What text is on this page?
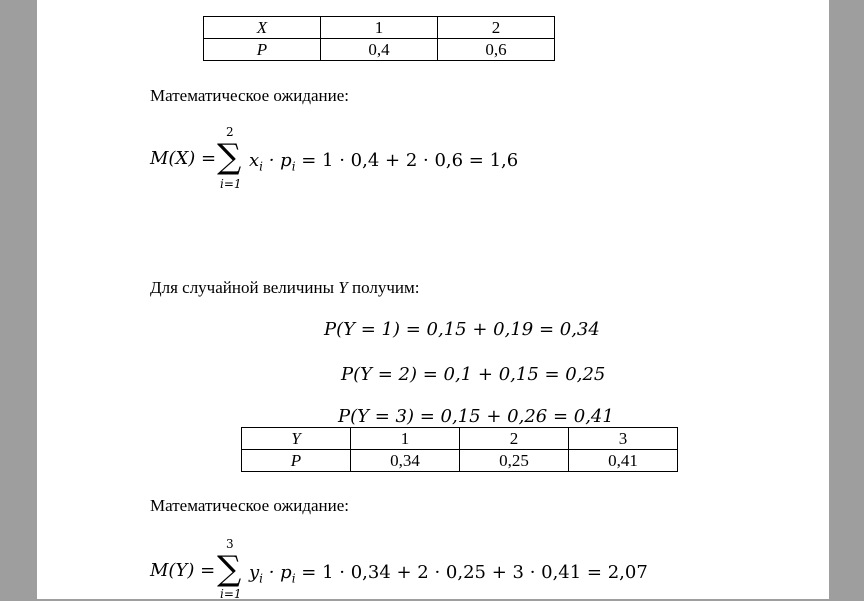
X	1	2
P	0,4	0,6
Математическое ожидание:
M(X) =
2
∑
i=1
$x_i \cdot p_i = 1 \cdot 0,4 + 2 \cdot 0,6 = 1,6$
Для случайной величины Y получим:
P(Y = 1) = 0,15 + 0,19 = 0,34
P(Y = 2) = 0,1 + 0,15 = 0,25
P(Y = 3) = 0,15 + 0,26 = 0,41
Y	1	2	3
P	0,34	0,25	0,41
Математическое ожидание:
M(Y) =
3
∑
i=1
$y_i \cdot p_i = 1 \cdot 0,34 + 2 \cdot 0,25 + 3 \cdot 0,41 = 2,07$
